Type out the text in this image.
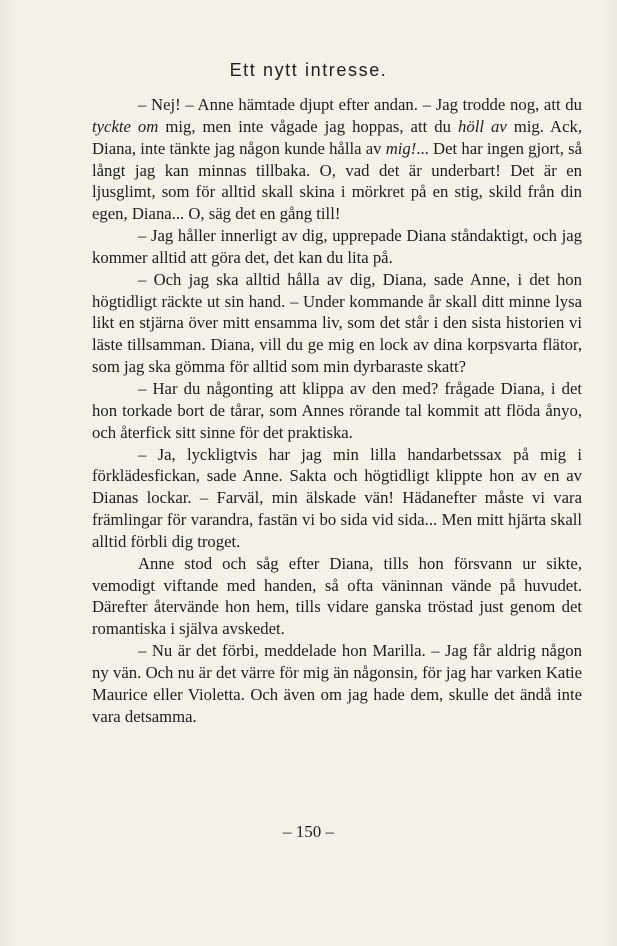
Ett nytt intresse.

– Nej! – Anne hämtade djupt efter andan. – Jag trodde nog, att du tyckte om mig, men inte vågade jag hoppas, att du höll av mig. Ack, Diana, inte tänkte jag någon kunde hålla av mig!... Det har ingen gjort, så långt jag kan minnas tillbaka. O, vad det är underbart! Det är en ljusglimt, som för alltid skall skina i mörkret på en stig, skild från din egen, Diana... O, säg det en gång till!

– Jag håller innerligt av dig, upprepade Diana ståndaktigt, och jag kommer alltid att göra det, det kan du lita på.

– Och jag ska alltid hålla av dig, Diana, sade Anne, i det hon högtidligt räckte ut sin hand. – Under kommande år skall ditt minne lysa likt en stjärna över mitt ensamma liv, som det står i den sista historien vi läste tillsamman. Diana, vill du ge mig en lock av dina korpsvarta flätor, som jag ska gömma för alltid som min dyrbaraste skatt?

– Har du någonting att klippa av den med? frågade Diana, i det hon torkade bort de tårar, som Annes rörande tal kommit att flöda ånyo, och återfick sitt sinne för det praktiska.

– Ja, lyckligtvis har jag min lilla handarbetssax på mig i förklädesfickan, sade Anne. Sakta och högtidligt klippte hon av en av Dianas lockar. – Farväl, min älskade vän! Hädanefter måste vi vara främlingar för varandra, fastän vi bo sida vid sida... Men mitt hjärta skall alltid förbli dig troget.

Anne stod och såg efter Diana, tills hon försvann ur sikte, vemodigt viftande med handen, så ofta väninnan vände på huvudet. Därefter återvände hon hem, tills vidare ganska tröstad just genom det romantiska i själva avskedet.

– Nu är det förbi, meddelade hon Marilla. – Jag får aldrig någon ny vän. Och nu är det värre för mig än någonsin, för jag har varken Katie Maurice eller Violetta. Och även om jag hade dem, skulle det ändå inte vara detsamma.

– 150 –
